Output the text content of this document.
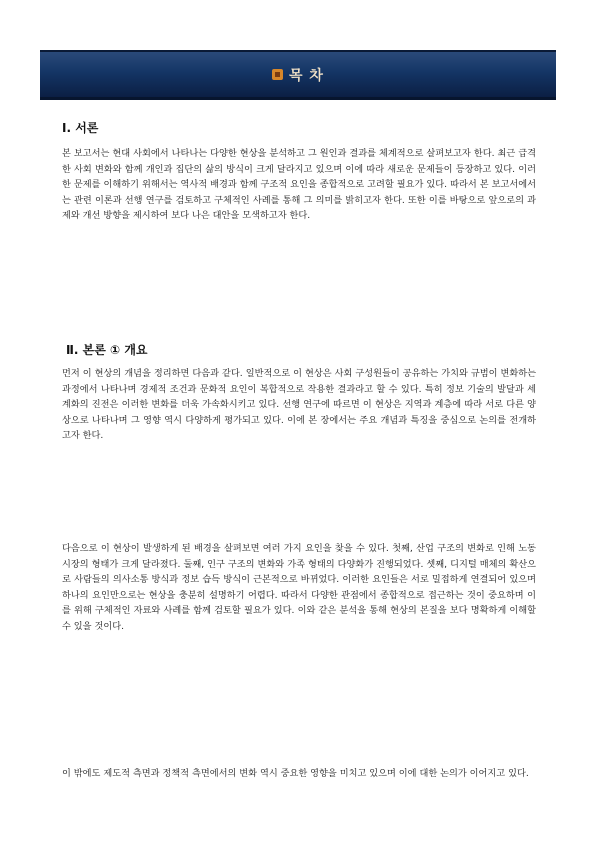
목 차
Ⅰ. 서론
본 보고서는 현대 사회에서 나타나는 다양한 현상을 분석하고 그 원인과 결과를 체계적으로 살펴보고자 한다. 최근 급격한 사회 변화와 함께 개인과 집단의 삶의 방식이 크게 달라지고 있으며 이에 따라 새로운 문제들이 등장하고 있다. 이러한 문제를 이해하기 위해서는 역사적 배경과 함께 구조적 요인을 종합적으로 고려할 필요가 있다. 따라서 본 보고서에서는 관련 이론과 선행 연구를 검토하고 구체적인 사례를 통해 그 의미를 밝히고자 한다. 또한 이를 바탕으로 앞으로의 과제와 개선 방향을 제시하여 보다 나은 대안을 모색하고자 한다.
Ⅱ. 본론 ① 개요
먼저 이 현상의 개념을 정리하면 다음과 같다. 일반적으로 이 현상은 사회 구성원들이 공유하는 가치와 규범이 변화하는 과정에서 나타나며 경제적 조건과 문화적 요인이 복합적으로 작용한 결과라고 할 수 있다. 특히 정보 기술의 발달과 세계화의 진전은 이러한 변화를 더욱 가속화시키고 있다. 선행 연구에 따르면 이 현상은 지역과 계층에 따라 서로 다른 양상으로 나타나며 그 영향 역시 다양하게 평가되고 있다. 이에 본 장에서는 주요 개념과 특징을 중심으로 논의를 전개하고자 한다.
다음으로 이 현상이 발생하게 된 배경을 살펴보면 여러 가지 요인을 찾을 수 있다. 첫째, 산업 구조의 변화로 인해 노동 시장의 형태가 크게 달라졌다. 둘째, 인구 구조의 변화와 가족 형태의 다양화가 진행되었다. 셋째, 디지털 매체의 확산으로 사람들의 의사소통 방식과 정보 습득 방식이 근본적으로 바뀌었다. 이러한 요인들은 서로 밀접하게 연결되어 있으며 하나의 요인만으로는 현상을 충분히 설명하기 어렵다. 따라서 다양한 관점에서 종합적으로 접근하는 것이 중요하며 이를 위해 구체적인 자료와 사례를 함께 검토할 필요가 있다. 이와 같은 분석을 통해 현상의 본질을 보다 명확하게 이해할 수 있을 것이다.
이 밖에도 제도적 측면과 정책적 측면에서의 변화 역시 중요한 영향을 미치고 있으며 이에 대한 논의가 이어지고 있다.
